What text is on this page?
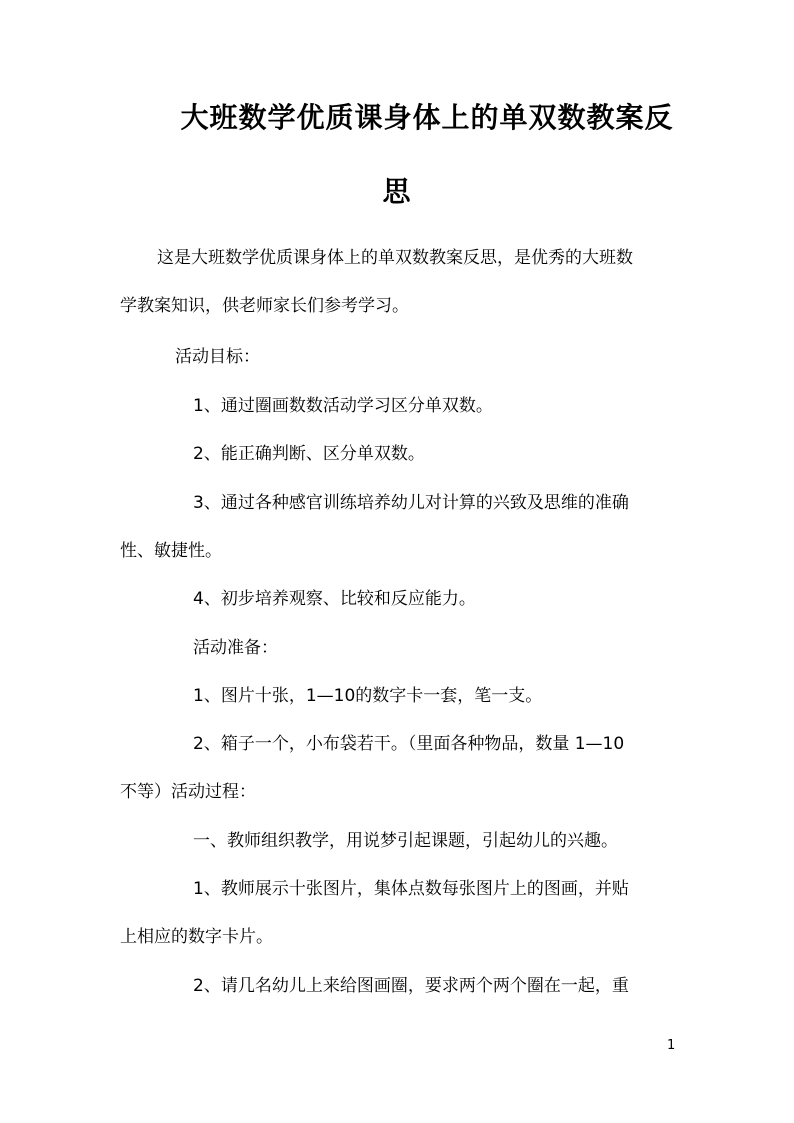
大班数学优质课身体上的单双数教案反
思
这是大班数学优质课身体上的单双数教案反思，是优秀的大班数
学教案知识，供老师家长们参考学习。
活动目标：
1、通过圈画数数活动学习区分单双数。
2、能正确判断、区分单双数。
3、通过各种感官训练培养幼儿对计算的兴致及思维的准确
性、敏捷性。
4、初步培养观察、比较和反应能力。
活动准备：
1、图片十张，1—10的数字卡一套，笔一支。
2、箱子一个，小布袋若干。（里面各种物品，数量 1—10
不等）活动过程：
一、教师组织教学，用说梦引起课题，引起幼儿的兴趣。
1、教师展示十张图片，集体点数每张图片上的图画，并贴
上相应的数字卡片。
2、请几名幼儿上来给图画圈，要求两个两个圈在一起，重
1
